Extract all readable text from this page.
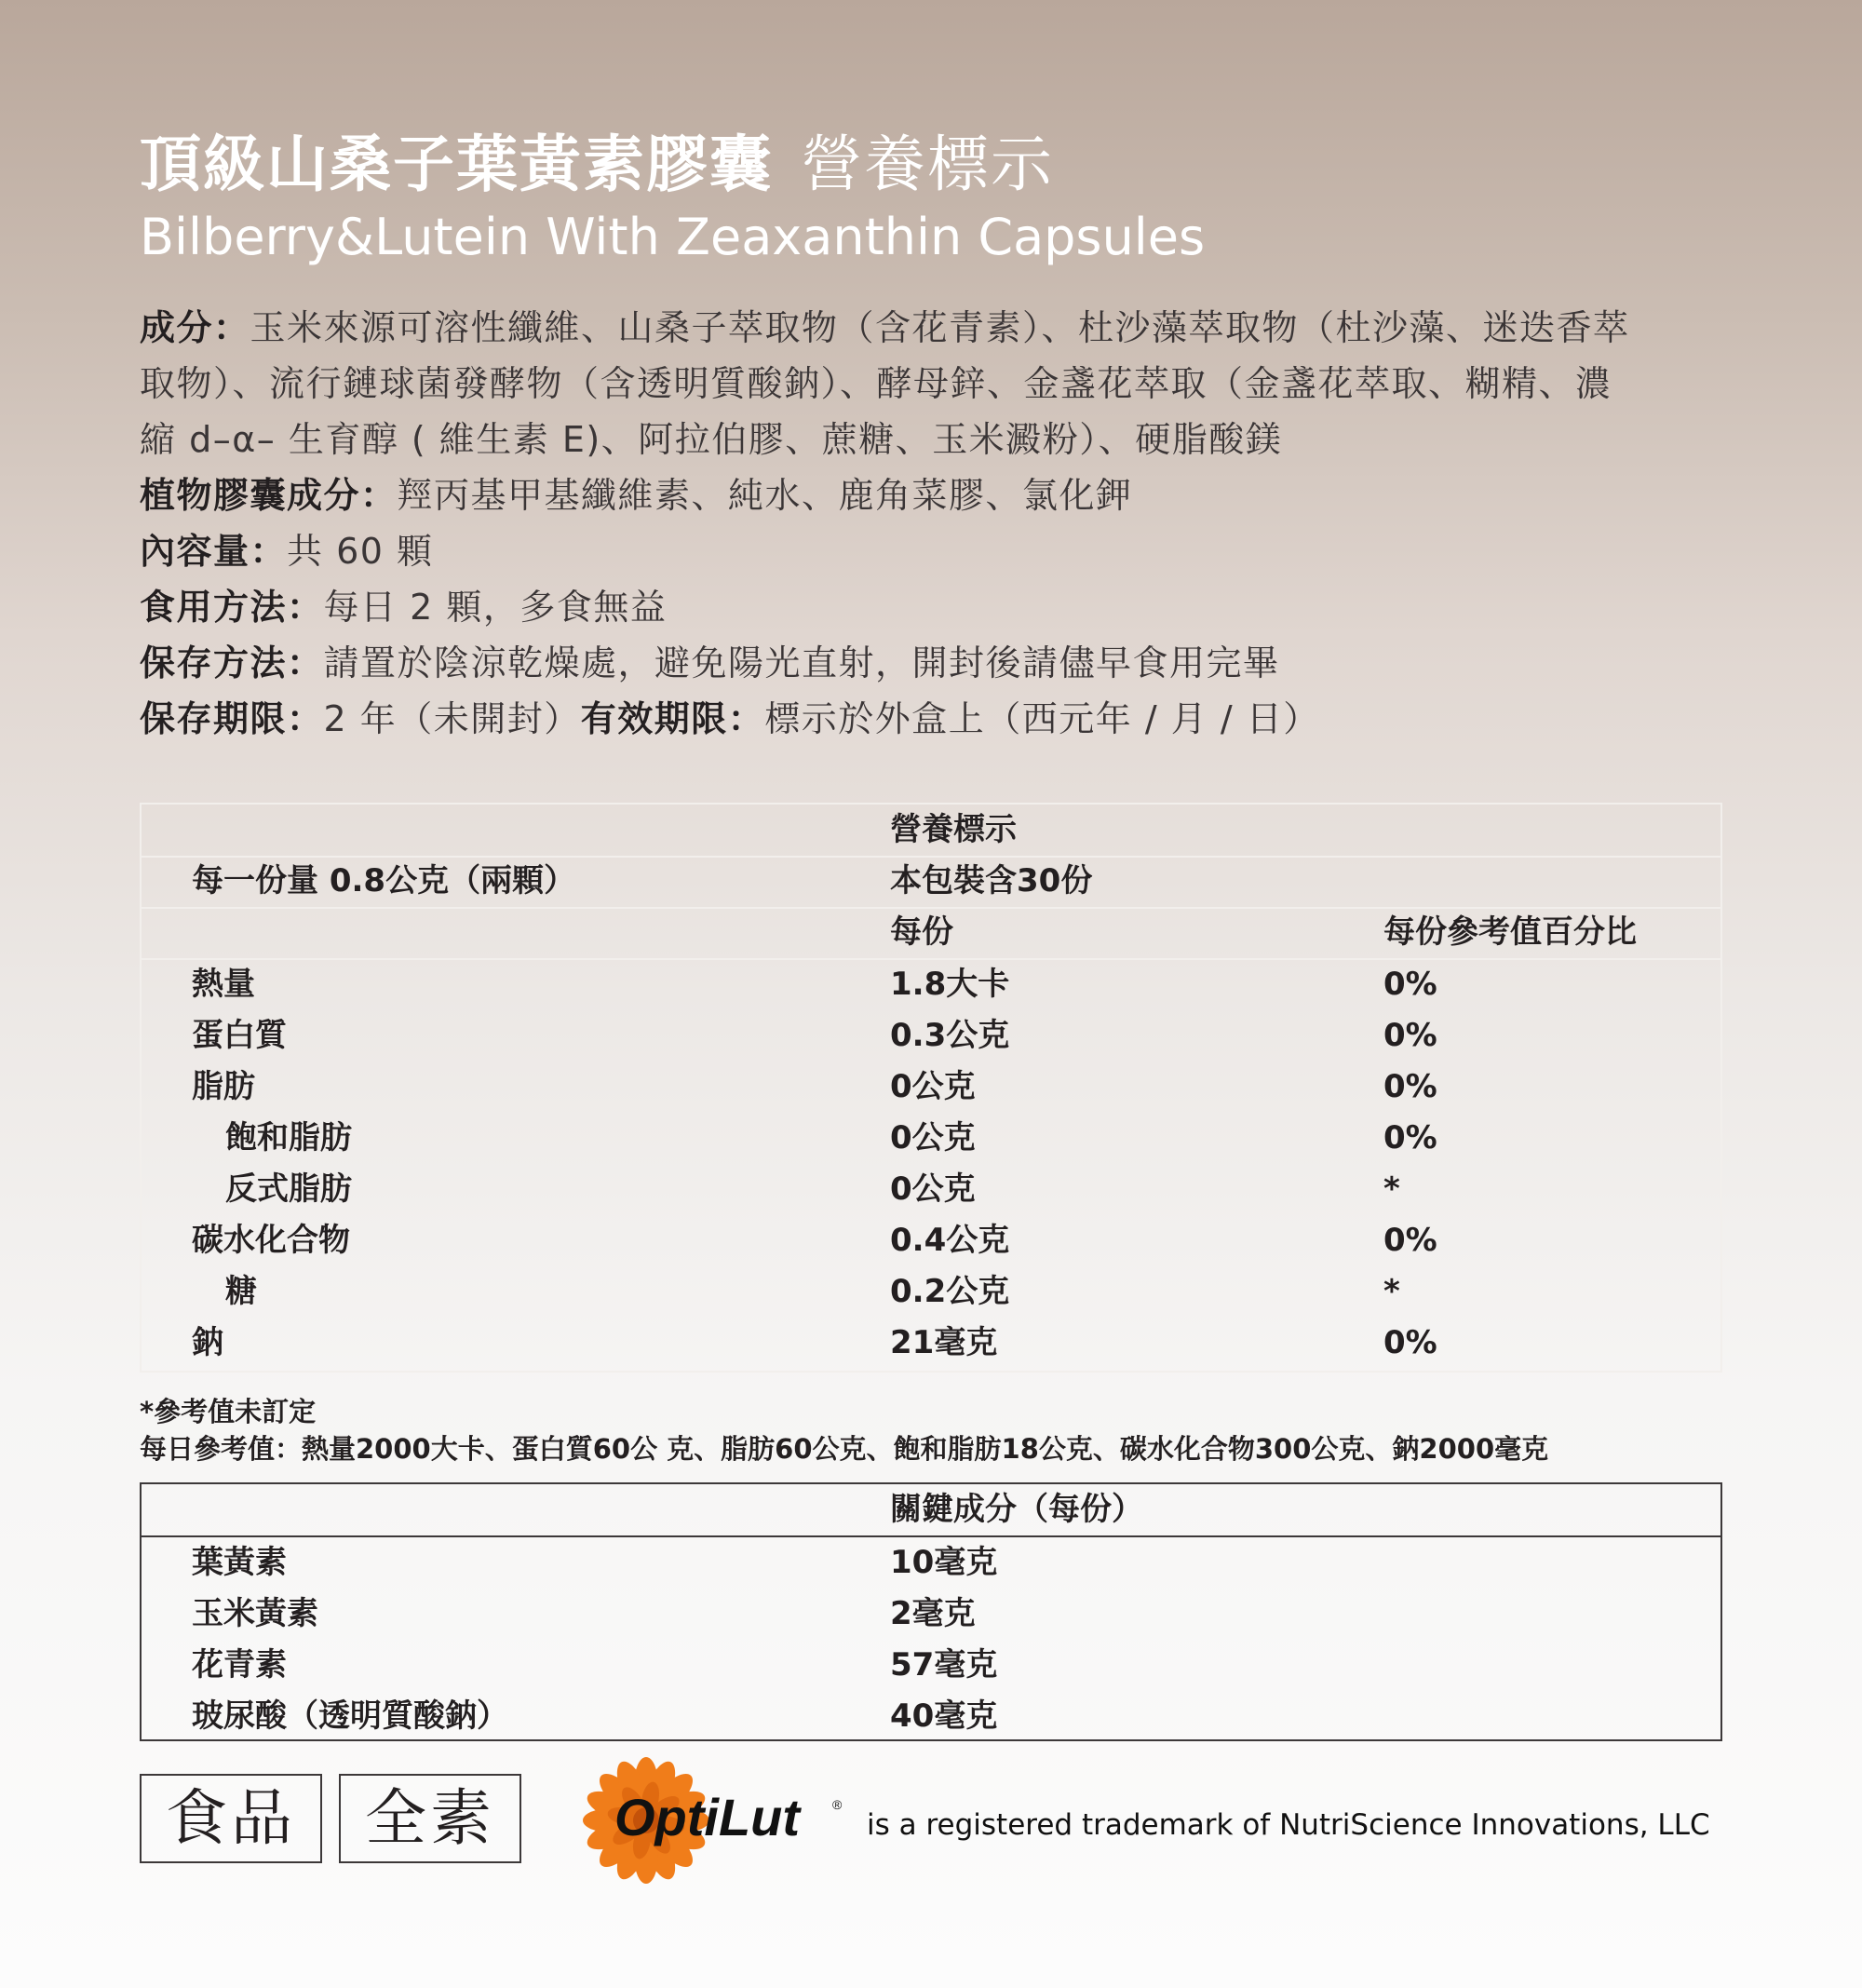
頂級山桑子葉黃素膠囊 營養標示
Bilberry&Lutein With Zeaxanthin Capsules
成分：玉米來源可溶性纖維、山桑子萃取物（含花青素）、杜沙藻萃取物（杜沙藻、迷迭香萃
取物）、流行鏈球菌發酵物（含透明質酸鈉）、酵母鋅、金盞花萃取（金盞花萃取、糊精、濃
縮 d–α– 生育醇 ( 維生素 E)、阿拉伯膠、蔗糖、玉米澱粉）、硬脂酸鎂
植物膠囊成分：羥丙基甲基纖維素、純水、鹿角菜膠、氯化鉀
內容量：共 60 顆
食用方法：每日 2 顆，多食無益
保存方法：請置於陰涼乾燥處，避免陽光直射，開封後請儘早食用完畢
保存期限：2 年（未開封）有效期限：標示於外盒上（西元年 / 月 / 日）
營養標示
每一份量 0.8公克（兩顆）	本包裝含30份
每份	每份參考值百分比
熱量	1.8大卡	0%
蛋白質	0.3公克	0%
脂肪	0公克	0%
飽和脂肪	0公克	0%
反式脂肪	0公克	*
碳水化合物	0.4公克	0%
糖	0.2公克	*
鈉	21毫克	0%
*參考值未訂定
每日參考值：熱量2000大卡、蛋白質60公 克、脂肪60公克、飽和脂肪18公克、碳水化合物300公克、鈉2000毫克
關鍵成分（每份）
葉黃素	10毫克
玉米黃素	2毫克
花青素	57毫克
玻尿酸（透明質酸鈉）	40毫克
食品	全素	OptiLut ®
is a registered trademark of NutriScience Innovations, LLC
